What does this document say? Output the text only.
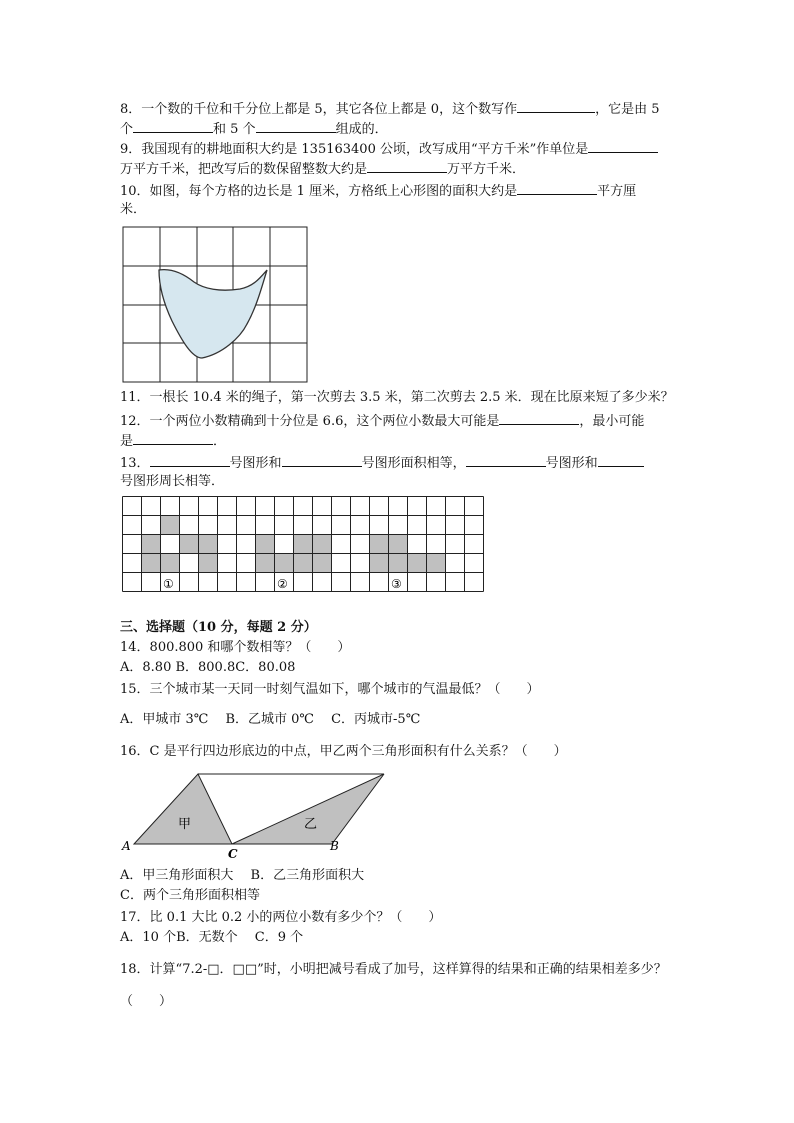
8．一个数的千位和千分位上都是 5，其它各位上都是 0，这个数写作	，它是由 5
个	和 5 个	组成的．
9．我国现有的耕地面积大约是 135163400 公顷，改写成用“平方千米”作单位是
万平方千米，把改写后的数保留整数大约是	万平方千米．
10．如图，每个方格的边长是 1 厘米，方格纸上心形图的面积大约是	平方厘
米．
11．一根长 10.4 米的绳子，第一次剪去 3.5 米，第二次剪去 2.5 米．现在比原来短了多少米？
12．一个两位小数精确到十分位是 6.6，这个两位小数最大可能是	，最小可能
是	．
13．	号图形和	号图形面积相等，	号图形和
号图形周长相等．
①	②	③
三、选择题（10 分，每题 2 分）
14．800.800 和哪个数相等？（　　）
A．8.80 B．800.8C．80.08
15．三个城市某一天同一时刻气温如下，哪个城市的气温最低？（　　）
A．甲城市 3℃　 B．乙城市 0℃　 C．丙城市-5℃
16．C 是平行四边形底边的中点，甲乙两个三角形面积有什么关系？（　　）
甲	乙
A	B
C
A．甲三角形面积大　 B．乙三角形面积大
C．两个三角形面积相等
17．比 0.1 大比 0.2 小的两位小数有多少个？（　　）
A．10 个B．无数个　 C．9 个
18．计算“7.2-□．□□”时，小明把减号看成了加号，这样算得的结果和正确的结果相差多少？
（　　）
